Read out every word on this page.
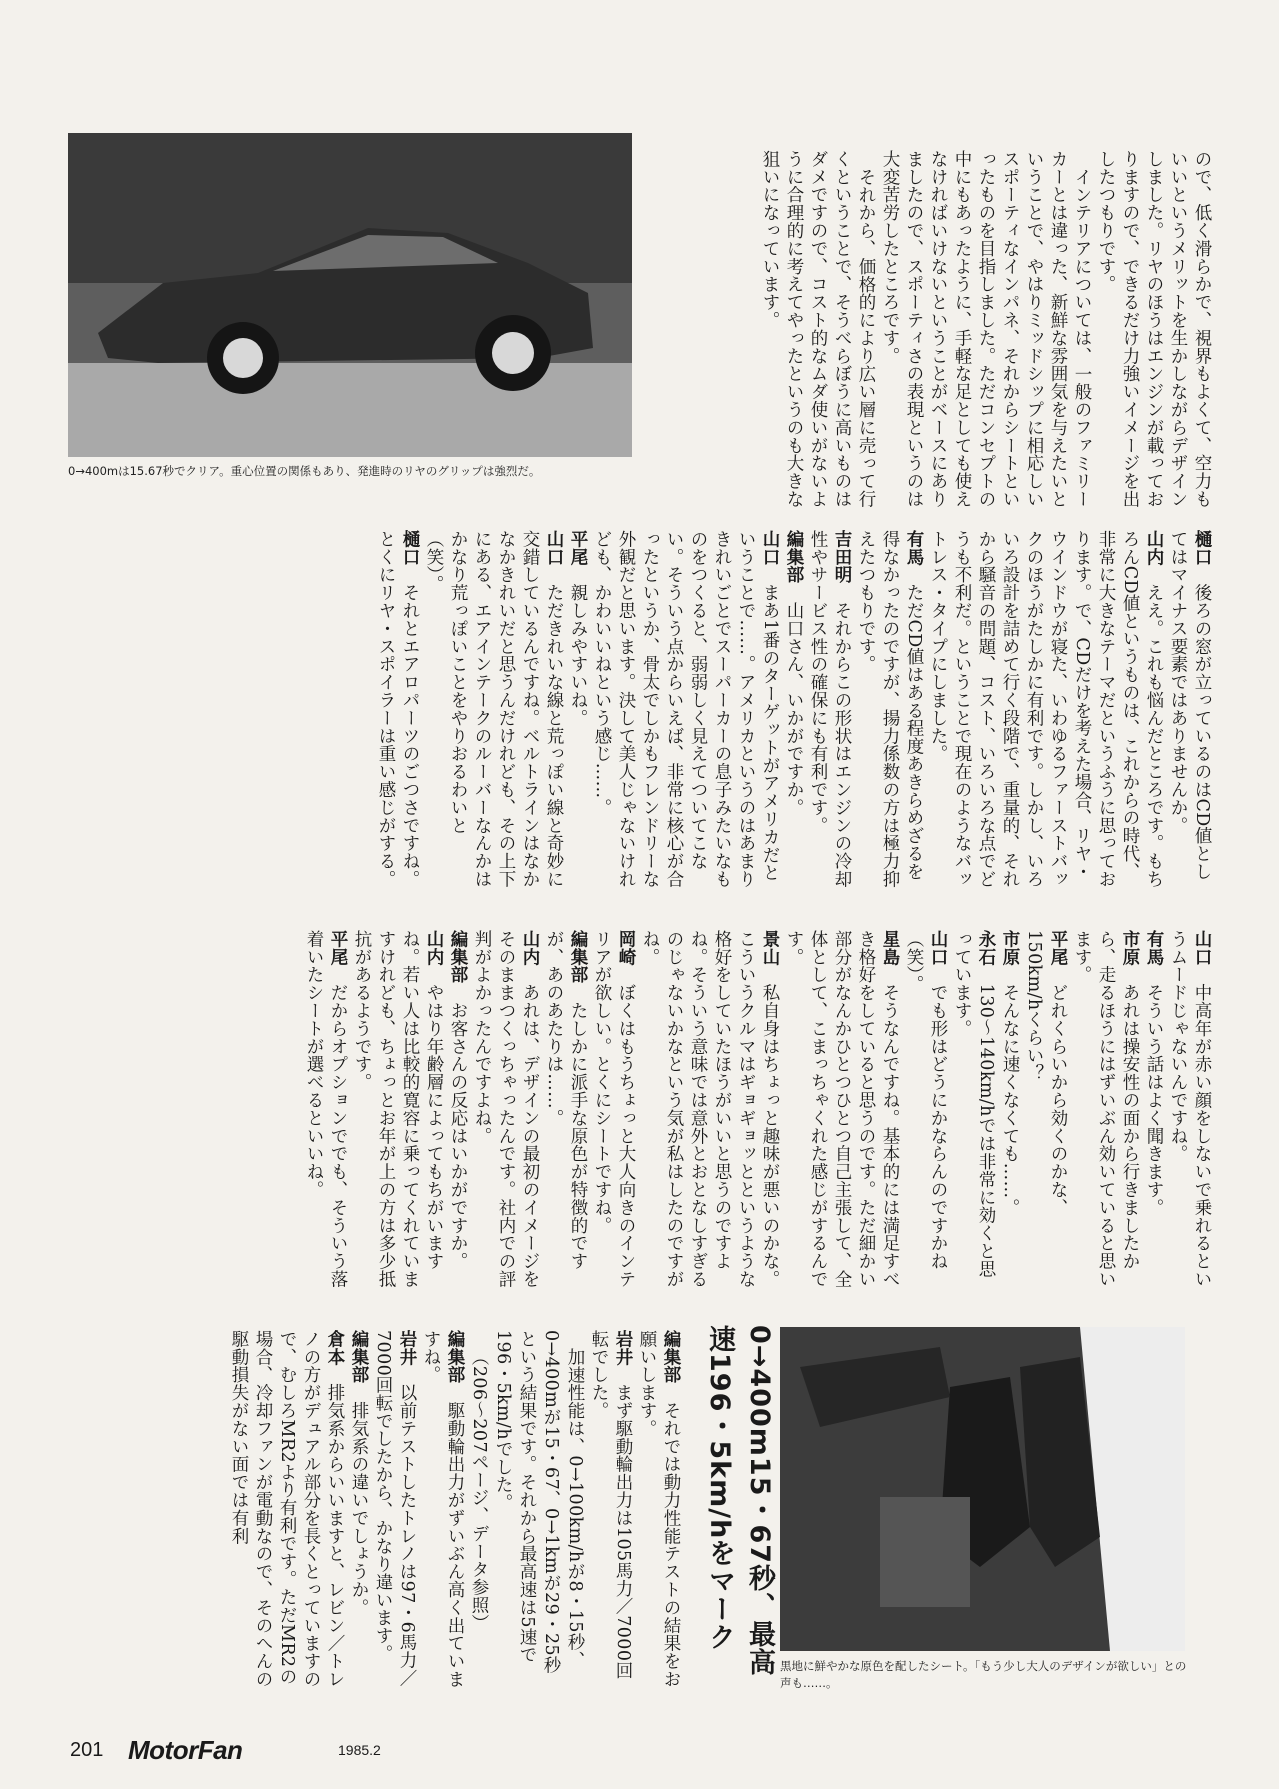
0→400mは15.67秒でクリア。重心位置の関係もあり、発進時のリヤのグリップは強烈だ。
黒地に鮮やかな原色を配したシート。「もう少し大人のデザインが欲しい」との声も……。

ので、低く滑らかで、視界もよくて、空力もいいというメリットを生かしながらデザインしました。リヤのほうはエンジンが載っておりますので、できるだけ力強いイメージを出したつもりです。

インテリアについては、一般のファミリーカーとは違った、新鮮な雰囲気を与えたいということで、やはりミッドシップに相応しいスポーティなインパネ、それからシートといったものを目指しました。ただコンセプトの中にもあったように、手軽な足としても使えなければいけないということがベースにありましたので、スポーティさの表現というのは大変苦労したところです。

それから、価格的により広い層に売って行くということで、そうべらぼうに高いものはダメですので、コスト的なムダ使いがないように合理的に考えてやったというのも大きな狙いになっています。

樋口　後ろの窓が立っているのはCD値としてはマイナス要素ではありませんか。

山内　ええ。これも悩んだところです。もちろんCD値というものは、これからの時代、非常に大きなテーマだというふうに思っております。で、CDだけを考えた場合、リヤ・ウインドウが寝た、いわゆるファーストバックのほうがたしかに有利です。しかし、いろいろ設計を詰めて行く段階で、重量的、それから騒音の問題、コスト、いろいろな点でどうも不利だ。ということで現在のようなバットレス・タイプにしました。

有馬　ただCD値はある程度あきらめざるを得なかったのですが、揚力係数の方は極力抑えたつもりです。

吉田明　それからこの形状はエンジンの冷却性やサービス性の確保にも有利です。

編集部　山口さん、いかがですか。

山口　まあ1番のターゲットがアメリカだということで……。アメリカというのはあまりきれいごとでスーパーカーの息子みたいなものをつくると、弱弱しく見えてついてこない。そういう点からいえば、非常に核心が合ったというか、骨太でしかもフレンドリーな外観だと思います。決して美人じゃないけれども、かわいいねという感じ……。

平尾　親しみやすいね。

山口　ただきれいな線と荒っぽい線と奇妙に交錯しているんですね。ベルトラインはなかなかきれいだと思うんだけれども、その上下にある、エアインテークのルーバーなんかはかなり荒っぽいことをやりおるわいと（笑）。

樋口　それとエアロパーツのごつさですね。とくにリヤ・スポイラーは重い感じがする。

山口　中高年が赤い顔をしないで乗れるというムードじゃないんですね。

有馬　そういう話はよく聞きます。

市原　あれは操安性の面から行きましたから、走るほうにはずいぶん効いていると思います。

平尾　どれくらいから効くのかな、150km/hくらい？

市原　そんなに速くなくても……。

永石　130〜140km/hでは非常に効くと思っています。

山口　でも形はどうにかならんのですかね（笑）。

星島　そうなんですね。基本的には満足すべき格好をしていると思うのです。ただ細かい部分がなんかひとつひとつ自己主張して、全体として、こまっちゃくれた感じがするんです。

景山　私自身はちょっと趣味が悪いのかな。こういうクルマはギョギョッとというような格好をしていたほうがいいと思うのですよね。そういう意味では意外とおとなしすぎるのじゃないかなという気が私はしたのですがね。

岡崎　ぼくはもうちょっと大人向きのインテリアが欲しい。とくにシートですね。

編集部　たしかに派手な原色が特徴的ですが、あのあたりは……。

山内　あれは、デザインの最初のイメージをそのままつくっちゃったんです。社内での評判がよかったんですよね。

編集部　お客さんの反応はいかがですか。

山内　やはり年齢層によってもちがいますね。若い人は比較的寛容に乗ってくれていますけれども、ちょっとお年が上の方は多少抵抗があるようです。

平尾　だからオプションででも、そういう落着いたシートが選べるといいね。

0→400m15・67秒、最高速196・5km/hをマーク

編集部　それでは動力性能テストの結果をお願いします。

岩井　まず駆動輪出力は105馬力／7000回転でした。

加速性能は、0→100km/hが8・15秒、0→400mが15・67、0→1kmが29・25秒という結果です。それから最高速は5速で196・5km/hでした。

（206〜207ページ、データ参照）

編集部　駆動輪出力がずいぶん高く出ていますね。

岩井　以前テストしたトレノは97・6馬力／7000回転でしたから、かなり違います。

編集部　排気系の違いでしょうか。

倉本　排気系からいいますと、レビン／トレノの方がデュアル部分を長くとっていますので、むしろMR2より有利です。ただMR2の場合、冷却ファンが電動なので、そのへんの駆動損失がない面では有利

201 MotorFan	1985.2
